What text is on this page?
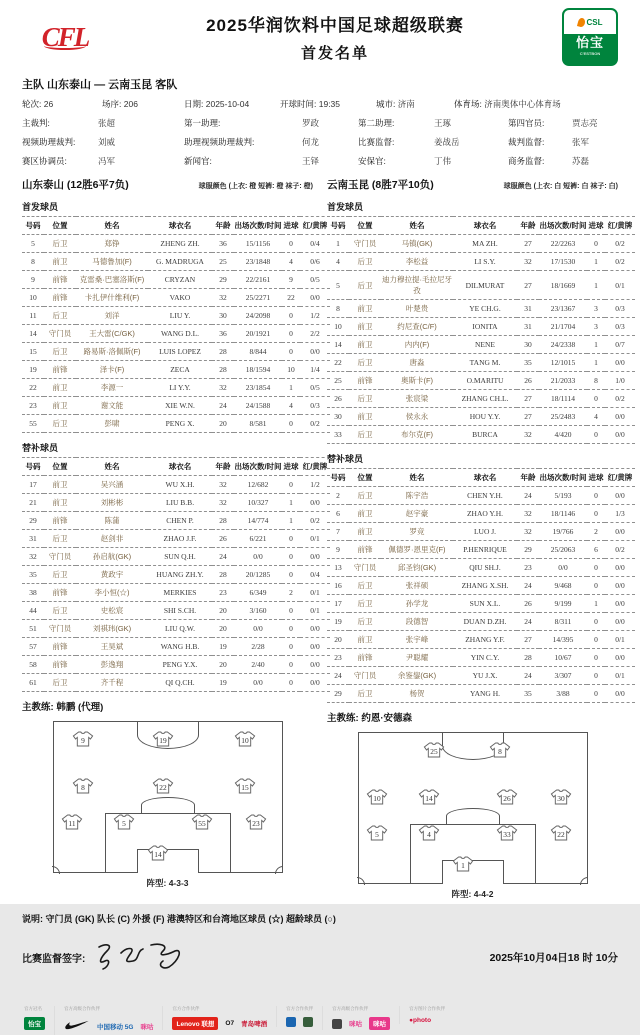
CFL	2025华润饮料中国足球超级联赛
首发名单
CSL
怡宝
C'ESTBON
主队 山东泰山 — 云南玉昆 客队
轮次: 26	场序: 206	日期: 2025-10-04	开球时间: 19:35	城市: 济南	体育场: 济南奥体中心体育场
主裁判:	张超	第一助理:	罗政	第二助理:	王琢	第四官员:	贾志亮
视频助理裁判:	刘威	助理视频助理裁判:	何龙	比赛监督:	姜战岳	裁判监督:	张军
赛区协调员:	冯军	新闻官:	王铎	安保官:	丁伟	商务监督:	苏磊
山东泰山 (12胜6平7负)	球服颜色 (上衣: 橙 短裤: 橙 袜子: 橙)
首发球员
号码	位置	姓名	球衣名	年龄	出场次数/时间	进球	红/黄牌
5	后卫	郑铮	ZHENG ZH.	36	15/1156	0	0/4
8	前卫	马德鲁加(F)	G. MADRUGA	25	23/1848	4	0/6
9	前锋	克雷桑·巴塞洛斯(F)	CRYZAN	29	22/2161	9	0/5
10	前锋	卡扎伊什维利(F)	VAKO	32	25/2271	22	0/0
11	后卫	刘洋	LIU Y.	30	24/2098	0	1/2
14	守门员	王大雷(C/GK)	WANG D.L.	36	20/1921	0	2/2
15	后卫	路易斯·洛佩斯(F)	LUIS LOPEZ	28	8/844	0	0/0
19	前锋	泽卡(F)	ZECA	28	18/1594	10	1/4
22	前卫	李源一	LI Y.Y.	32	23/1854	1	0/5
23	前卫	谢文能	XIE W.N.	24	24/1588	4	0/3
55	后卫	彭啸	PENG X.	20	8/581	0	0/2
替补球员
号码	位置	姓名	球衣名	年龄	出场次数/时间	进球	红/黄牌
17	前卫	吴兴涵	WU X.H.	32	12/682	0	1/2
21	前卫	刘彬彬	LIU B.B.	32	10/327	1	0/0
29	前锋	陈蒲	CHEN P.	28	14/774	1	0/2
31	后卫	赵剑非	ZHAO J.F.	26	6/221	0	0/1
32	守门员	孙启航(GK)	SUN Q.H.	24	0/0	0	0/0
35	后卫	黄政宇	HUANG ZH.Y.	28	20/1285	0	0/4
38	前锋	李小恒(☆)	MERKIES	23	6/349	2	0/1
44	后卫	史松宸	SHI S.CH.	20	3/160	0	0/1
51	守门员	刘祺玮(GK)	LIU Q.W.	20	0/0	0	0/0
57	前锋	王昊斌	WANG H.B.	19	2/28	0	0/0
58	前锋	彭逸翔	PENG Y.X.	20	2/40	0	0/0
61	后卫	齐千程	QI Q.CH.	19	0/0	0	0/0
主教练: 韩鹏 (代理)
9	19	10
8	22	15
11	5	55	23
14
阵型: 4-3-3
云南玉昆 (8胜7平10负)	球服颜色 (上衣: 白 短裤: 白 袜子: 白)
首发球员
号码	位置	姓名	球衣名	年龄	出场次数/时间	进球	红/黄牌
1	守门员	马镇(GK)	MA ZH.	27	22/2263	0	0/2
4	后卫	李松益	LI S.Y.	32	17/1530	1	0/2
5	后卫	迪力穆拉提·毛拉尼牙孜	DILMURAT	27	18/1669	1	0/1
8	前卫	叶楚贵	YE CH.G.	31	23/1367	3	0/3
10	前卫	约尼查(C/F)	IONITA	31	21/1704	3	0/3
14	前卫	内内(F)	NENE	30	24/2338	1	0/7
22	后卫	唐淼	TANG M.	35	12/1015	1	0/0
25	前锋	奥斯卡(F)	O.MARITU	26	21/2033	8	1/0
26	后卫	张宸梁	ZHANG CH.L.	27	18/1114	0	0/2
30	前卫	侯永永	HOU Y.Y.	27	25/2483	4	0/0
33	后卫	布尔克(F)	BURCA	32	4/420	0	0/0
替补球员
号码	位置	姓名	球衣名	年龄	出场次数/时间	进球	红/黄牌
2	后卫	陈宇浩	CHEN Y.H.	24	5/193	0	0/0
6	前卫	赵宇豪	ZHAO Y.H.	32	18/1146	0	1/3
7	前卫	罗竞	LUO J.	32	19/766	2	0/0
9	前锋	佩德罗·恩里克(F)	P.HENRIQUE	29	25/2063	6	0/2
13	守门员	邱圣钧(GK)	QIU SH.J.	23	0/0	0	0/0
16	后卫	张祥硕	ZHANG X.SH.	24	9/468	0	0/0
17	后卫	孙学龙	SUN X.L.	26	9/199	1	0/0
19	后卫	段德智	DUAN D.ZH.	24	8/311	0	0/0
20	前卫	张宇峰	ZHANG Y.F.	27	14/395	0	0/1
23	前锋	尹聪耀	YIN C.Y.	28	10/67	0	0/0
24	守门员	余鉴鋆(GK)	YU J.X.	24	3/307	0	0/1
29	后卫	杨贺	YANG H.	35	3/88	0	0/0
主教练: 约恩·安德森
25	8
10	14	26	30
5	4	33	22
1
阵型: 4-4-2
说明: 守门员 (GK) 队长 (C) 外援 (F) 港澳特区和台湾地区球员 (☆) 超龄球员 (○)
比赛监督签字:	2025年10月04日18 时 10分
官方冠名
怡宝
官方高级合作伙伴
中国移动 5G 咪咕
官方合作伙伴
Lenovo 联想	O7 青岛啤酒
官方合作伙伴	官方高级合作伙伴
咪咕	咪咕
官方图片合作伙伴
●photo
